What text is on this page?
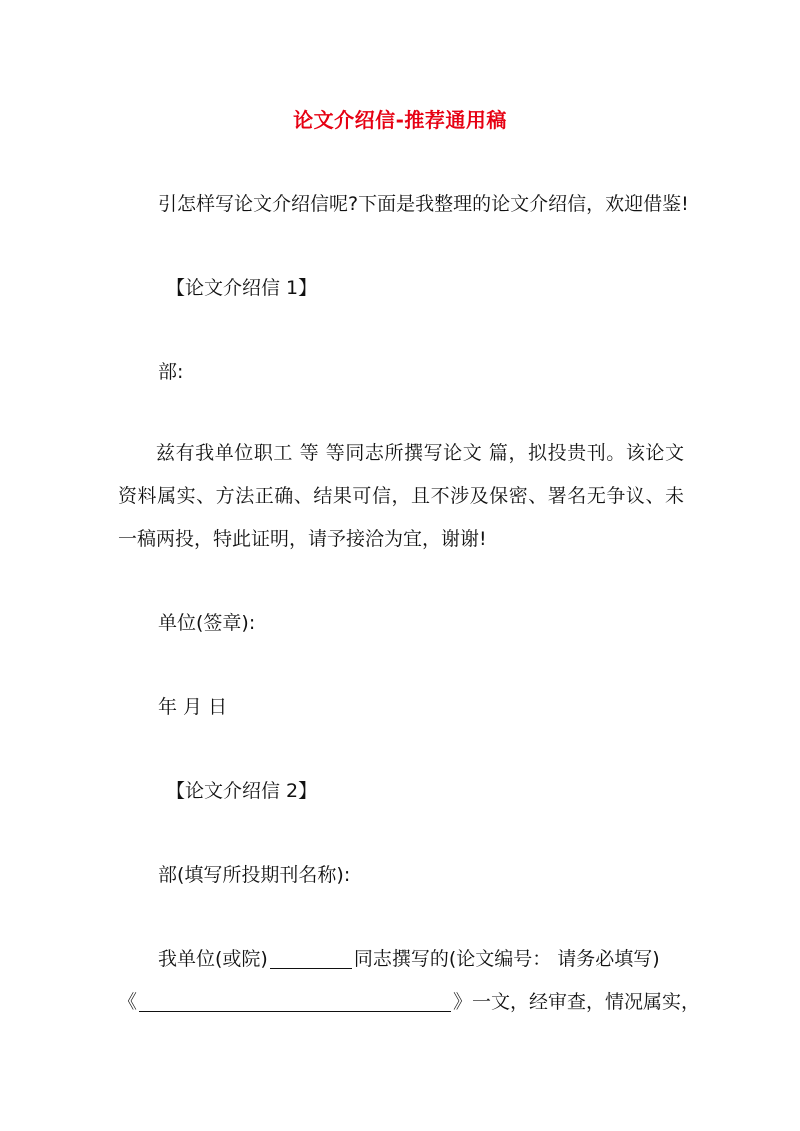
论文介绍信-推荐通用稿
引怎样写论文介绍信呢?下面是我整理的论文介绍信，欢迎借鉴!
【论文介绍信 1】
部:
兹有我单位职工 等 等同志所撰写论文 篇，拟投贵刊。该论文资料属实、方法正确、结果可信，且不涉及保密、署名无争议、未一稿两投，特此证明，请予接洽为宜，谢谢!
单位(签章):
年 月 日
【论文介绍信 2】
部(填写所投期刊名称):
我单位(或院)	同志撰写的(论文编号： 请务必填写)
《	》一文，经审查，情况属实，
